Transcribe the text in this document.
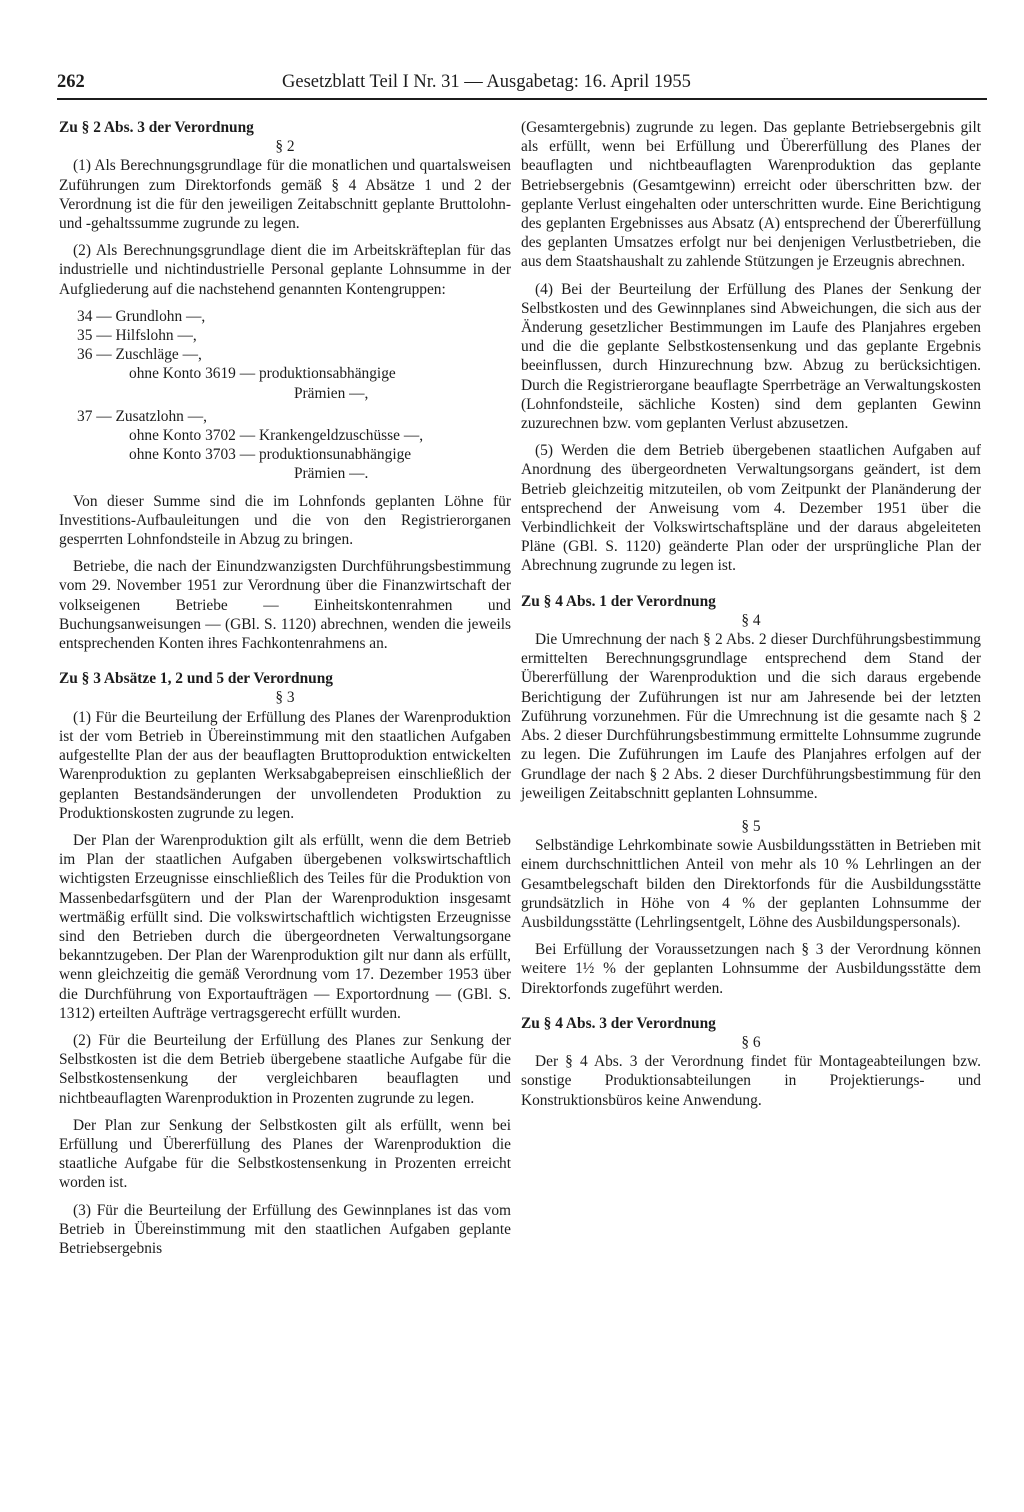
262	Gesetzblatt Teil I Nr. 31 — Ausgabetag: 16. April 1955
Zu § 2 Abs. 3 der Verordnung
§ 2

(1) Als Berechnungsgrundlage für die monatlichen und quartalsweisen Zuführungen zum Direktorfonds gemäß § 4 Absätze 1 und 2 der Verordnung ist die für den jeweiligen Zeitabschnitt geplante Bruttolohn- und -gehaltssumme zugrunde zu legen.

(2) Als Berechnungsgrundlage dient die im Arbeitskräfteplan für das industrielle und nichtindustrielle Personal geplante Lohnsumme in der Aufgliederung auf die nachstehend genannten Kontengruppen:

34 — Grundlohn —,
35 — Hilfslohn —,
36 — Zuschläge —,
ohne Konto 3619 — produktionsabhängige
Prämien —,
37 — Zusatzlohn —,
ohne Konto 3702 — Krankengeldzuschüsse —,
ohne Konto 3703 — produktionsunabhängige
Prämien —.

Von dieser Summe sind die im Lohnfonds geplanten Löhne für Investitions-Aufbauleitungen und die von den Registrierorganen gesperrten Lohnfondsteile in Abzug zu bringen.

Betriebe, die nach der Einundzwanzigsten Durchführungsbestimmung vom 29. November 1951 zur Verordnung über die Finanzwirtschaft der volkseigenen Betriebe — Einheitskontenrahmen und Buchungsanweisungen — (GBl. S. 1120) abrechnen, wenden die jeweils entsprechenden Konten ihres Fachkontenrahmens an.

Zu § 3 Absätze 1, 2 und 5 der Verordnung
§ 3

(1) Für die Beurteilung der Erfüllung des Planes der Warenproduktion ist der vom Betrieb in Übereinstimmung mit den staatlichen Aufgaben aufgestellte Plan der aus der beauflagten Bruttoproduktion entwickelten Warenproduktion zu geplanten Werksabgabepreisen einschließlich der geplanten Bestandsänderungen der unvollendeten Produktion zu Produktionskosten zugrunde zu legen.

Der Plan der Warenproduktion gilt als erfüllt, wenn die dem Betrieb im Plan der staatlichen Aufgaben übergebenen volkswirtschaftlich wichtigsten Erzeugnisse einschließlich des Teiles für die Produktion von Massenbedarfsgütern und der Plan der Warenproduktion insgesamt wertmäßig erfüllt sind. Die volkswirtschaftlich wichtigsten Erzeugnisse sind den Betrieben durch die übergeordneten Verwaltungsorgane bekanntzugeben. Der Plan der Warenproduktion gilt nur dann als erfüllt, wenn gleichzeitig die gemäß Verordnung vom 17. Dezember 1953 über die Durchführung von Exportaufträgen — Exportordnung — (GBl. S. 1312) erteilten Aufträge vertragsgerecht erfüllt wurden.

(2) Für die Beurteilung der Erfüllung des Planes zur Senkung der Selbstkosten ist die dem Betrieb übergebene staatliche Aufgabe für die Selbstkostensenkung der vergleichbaren beauflagten und nichtbeauflagten Warenproduktion in Prozenten zugrunde zu legen.

Der Plan zur Senkung der Selbstkosten gilt als erfüllt, wenn bei Erfüllung und Übererfüllung des Planes der Warenproduktion die staatliche Aufgabe für die Selbstkostensenkung in Prozenten erreicht worden ist.

(3) Für die Beurteilung der Erfüllung des Gewinnplanes ist das vom Betrieb in Übereinstimmung mit den staatlichen Aufgaben geplante Betriebsergebnis

(Gesamtergebnis) zugrunde zu legen. Das geplante Betriebsergebnis gilt als erfüllt, wenn bei Erfüllung und Übererfüllung des Planes der beauflagten und nichtbeauflagten Warenproduktion das geplante Betriebsergebnis (Gesamtgewinn) erreicht oder überschritten bzw. der geplante Verlust eingehalten oder unterschritten wurde. Eine Berichtigung des geplanten Ergebnisses aus Absatz (A) entsprechend der Übererfüllung des geplanten Umsatzes erfolgt nur bei denjenigen Verlustbetrieben, die aus dem Staatshaushalt zu zahlende Stützungen je Erzeugnis abrechnen.

(4) Bei der Beurteilung der Erfüllung des Planes der Senkung der Selbstkosten und des Gewinnplanes sind Abweichungen, die sich aus der Änderung gesetzlicher Bestimmungen im Laufe des Planjahres ergeben und die die geplante Selbstkostensenkung und das geplante Ergebnis beeinflussen, durch Hinzurechnung bzw. Abzug zu berücksichtigen. Durch die Registrierorgane beauflagte Sperrbeträge an Verwaltungskosten (Lohnfondsteile, sächliche Kosten) sind dem geplanten Gewinn zuzurechnen bzw. vom geplanten Verlust abzusetzen.

(5) Werden die dem Betrieb übergebenen staatlichen Aufgaben auf Anordnung des übergeordneten Verwaltungsorgans geändert, ist dem Betrieb gleichzeitig mitzuteilen, ob vom Zeitpunkt der Planänderung der entsprechend der Anweisung vom 4. Dezember 1951 über die Verbindlichkeit der Volkswirtschaftspläne und der daraus abgeleiteten Pläne (GBl. S. 1120) geänderte Plan oder der ursprüngliche Plan der Abrechnung zugrunde zu legen ist.

Zu § 4 Abs. 1 der Verordnung
§ 4

Die Umrechnung der nach § 2 Abs. 2 dieser Durchführungsbestimmung ermittelten Berechnungsgrundlage entsprechend dem Stand der Übererfüllung der Warenproduktion und die sich daraus ergebende Berichtigung der Zuführungen ist nur am Jahresende bei der letzten Zuführung vorzunehmen. Für die Umrechnung ist die gesamte nach § 2 Abs. 2 dieser Durchführungsbestimmung ermittelte Lohnsumme zugrunde zu legen. Die Zuführungen im Laufe des Planjahres erfolgen auf der Grundlage der nach § 2 Abs. 2 dieser Durchführungsbestimmung für den jeweiligen Zeitabschnitt geplanten Lohnsumme.

§ 5

Selbständige Lehrkombinate sowie Ausbildungsstätten in Betrieben mit einem durchschnittlichen Anteil von mehr als 10 % Lehrlingen an der Gesamtbelegschaft bilden den Direktorfonds für die Ausbildungsstätte grundsätzlich in Höhe von 4 % der geplanten Lohnsumme der Ausbildungsstätte (Lehrlingsentgelt, Löhne des Ausbildungspersonals).

Bei Erfüllung der Voraussetzungen nach § 3 der Verordnung können weitere 1½ % der geplanten Lohnsumme der Ausbildungsstätte dem Direktorfonds zugeführt werden.

Zu § 4 Abs. 3 der Verordnung
§ 6

Der § 4 Abs. 3 der Verordnung findet für Montageabteilungen bzw. sonstige Produktionsabteilungen in Projektierungs- und Konstruktionsbüros keine Anwendung.
